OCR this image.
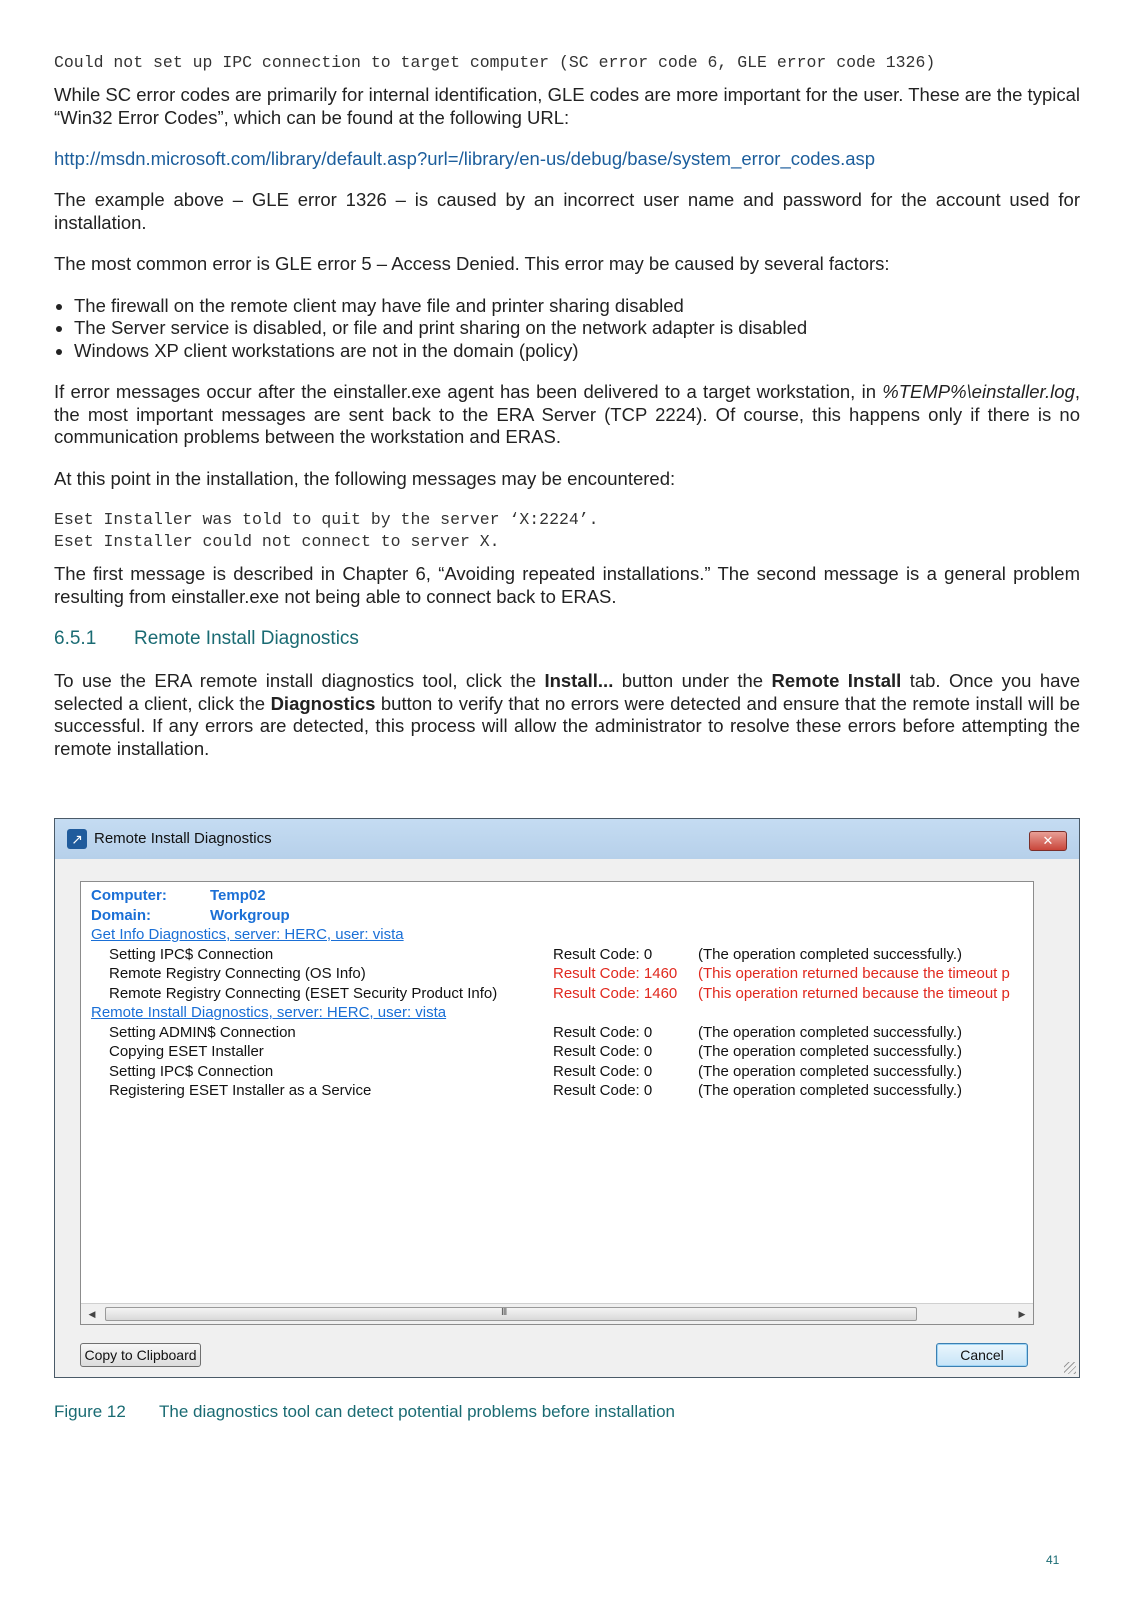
Could not set up IPC connection to target computer (SC error code 6, GLE error code 1326)

While SC error codes are primarily for internal identification, GLE codes are more important for the user. These are the typical “Win32 Error Codes”, which can be found at the following URL:

http://msdn.microsoft.com/library/default.asp?url=/library/en-us/debug/base/system_error_codes.asp

The example above – GLE error 1326 – is caused by an incorrect user name and password for the account used for installation.

The most common error is GLE error 5 – Access Denied. This error may be caused by several factors:

• The firewall on the remote client may have file and printer sharing disabled
• The Server service is disabled, or file and print sharing on the network adapter is disabled
• Windows XP client workstations are not in the domain (policy)

If error messages occur after the einstaller.exe agent has been delivered to a target workstation, in %TEMP%\einstaller.log, the most important messages are sent back to the ERA Server (TCP 2224). Of course, this happens only if there is no communication problems between the workstation and ERAS.

At this point in the installation, the following messages may be encountered:

Eset Installer was told to quit by the server ‘X:2224’.
Eset Installer could not connect to server X.

The first message is described in Chapter 6, “Avoiding repeated installations.” The second message is a general problem resulting from einstaller.exe not being able to connect back to ERAS.

6.5.1 Remote Install Diagnostics

To use the ERA remote install diagnostics tool, click the Install... button under the Remote Install tab. Once you have selected a client, click the Diagnostics button to verify that no errors were detected and ensure that the remote install will be successful. If any errors are detected, this process will allow the administrator to resolve these errors before attempting the remote installation.

↗ Remote Install Diagnostics	✕
Computer:	Temp02
Domain:	Workgroup
Get Info Diagnostics, server: HERC, user: vista
Setting IPC$ Connection	Result Code: 0	(The operation completed successfully.)
Remote Registry Connecting (OS Info)	Result Code: 1460 (This operation returned because the timeout p
Remote Registry Connecting (ESET Security Product Info)	Result Code: 1460 (This operation returned because the timeout p
Remote Install Diagnostics, server: HERC, user: vista
Setting ADMIN$ Connection	Result Code: 0	(The operation completed successfully.)
Copying ESET Installer	Result Code: 0	(The operation completed successfully.)
Setting IPC$ Connection	Result Code: 0	(The operation completed successfully.)
Registering ESET Installer as a Service	Result Code: 0	(The operation completed successfully.)
◀	III	▶
Copy to Clipboard	Cancel
Figure 12 The diagnostics tool can detect potential problems before installation
41
